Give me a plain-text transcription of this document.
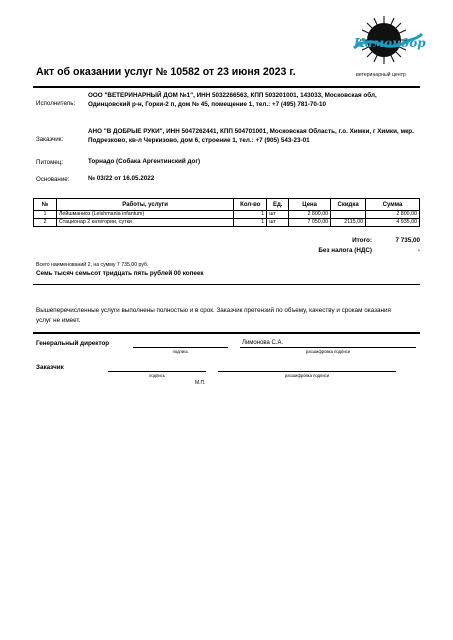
Акт об оказании услуг № 10582 от 23 июня 2023 г.
Камондор
ветеринарный центр
Исполнитель:
ООО "ВЕТЕРИНАРНЫЙ ДОМ №1", ИНН 5032266563, КПП 503201001, 143033, Московская обл, Одинцовский р-н, Горки-2 п, дом № 45, помещение 1, тел.: +7 (495) 781-70-10
Заказчик:
АНО "В ДОБРЫЕ РУКИ", ИНН 5047262441, КПП 504701001, Московская Область, г.о. Химки, г Химки, мкр. Подрезково, кв-л Черкизово, дом 6, строение 1, тел.: +7 (905) 543-23-01
Питомец:	Торнадо (Собака Аргентинский дог)
Основание:	№ 03/22 от 16.05.2022
№	Работы, услуги	Кол-во	Ед.	Цена	Скидка	Сумма
1	Лейшманиоз (Leishmania infantum)	1	шт	2 800,00		2 800,00
2	Стационар 2 категории, сутки	1	шт	7 050,00	2115,00	4 935,00
Итого:	7 735,00
Без налога (НДС)	-
Всего наименований 2, на сумму 7 735,00 руб.
Семь тысяч семьсот тридцать пять рублей 00 копеек
Вышеперечисленные услуги выполнены полностью и в срок. Заказчик претензий по объему, качеству и срокам оказания услуг не имеет.
Генеральный директор
подпись
Лимонова С.А.
расшифровка подписи
Заказчик
подпись	расшифровка подписи
М.П.
